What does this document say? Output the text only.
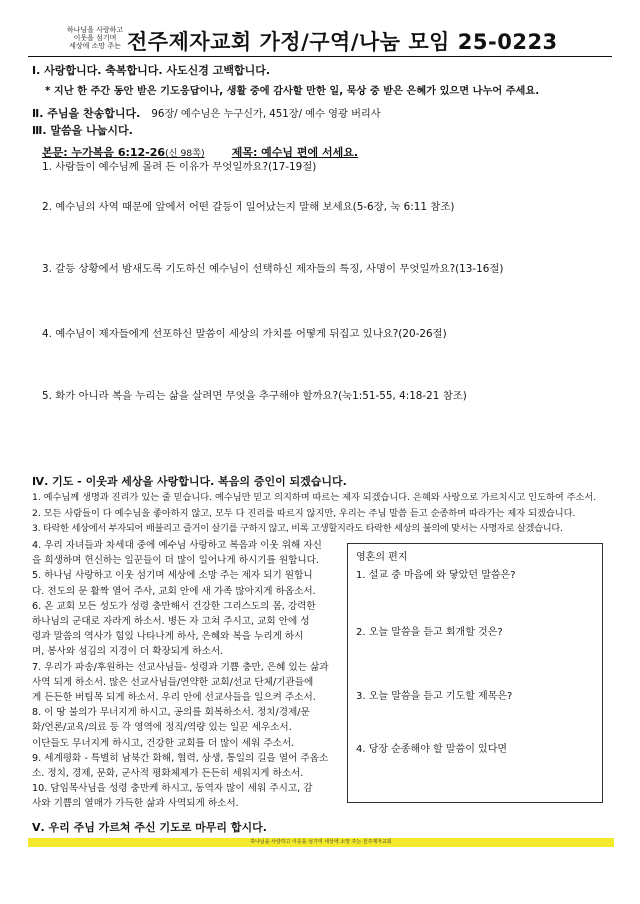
하나님을 사랑하고
이웃을 섬기며
세상에 소망 주는 전주제자교회 가정/구역/나눔 모임 25-0223
Ⅰ. 사랑합니다. 축복합니다. 사도신경 고백합니다.
* 지난 한 주간 동안 받은 기도응답이나, 생활 중에 감사할 만한 일, 묵상 중 받은 은혜가 있으면 나누어 주세요.
Ⅱ. 주님을 찬송합니다. 96장/ 예수님은 누구신가, 451장/ 예수 영광 버리사
Ⅲ. 말씀을 나눕시다.
본문: 누가복음 6:12-26(신 98쪽) 제목: 예수님 편에 서세요.
1. 사람들이 예수님께 몰려 든 이유가 무엇일까요?(17-19절)
2. 예수님의 사역 때문에 앞에서 어떤 갈등이 일어났는지 말해 보세요(5-6장, 눅 6:11 참조)
3. 갈등 상황에서 밤새도록 기도하신 예수님이 선택하신 제자들의 특징, 사명이 무엇일까요?(13-16절)
4. 예수님이 제자들에게 선포하신 말씀이 세상의 가치를 어떻게 뒤집고 있나요?(20-26절)
5. 화가 아니라 복을 누리는 삶을 살려면 무엇을 추구해야 할까요?(눅1:51-55, 4:18-21 참조)
Ⅳ. 기도 - 이웃과 세상을 사랑합니다. 복음의 증인이 되겠습니다.
1. 예수님께 생명과 진리가 있는 줄 믿습니다. 예수님만 믿고 의지하며 따르는 제자 되겠습니다. 은혜와 사랑으로 가르치시고 인도하여 주소서.
2. 모든 사람들이 다 예수님을 좋아하지 않고, 모두 다 진리를 따르지 않지만, 우리는 주님 말씀 듣고 순종하며 따라가는 제자 되겠습니다.
3. 타락한 세상에서 부자되어 배불리고 즐거이 살기를 구하지 않고, 비록 고생할지라도 타락한 세상의 불의에 맞서는 사명자로 살겠습니다.
4. 우리 자녀들과 차세대 중에 예수님 사랑하고 복음과 이웃 위해 자신
을 희생하며 헌신하는 일꾼들이 더 많이 일어나게 하시기를 원합니다.
5. 하나님 사랑하고 이웃 섬기며 세상에 소망 주는 제자 되기 원합니
다. 전도의 문 활짝 열어 주사, 교회 안에 새 가족 많아지게 하옵소서.
6. 온 교회 모든 성도가 성령 충만해서 건강한 그리스도의 몸, 강력한
하나님의 군대로 자라게 하소서. 병든 자 고쳐 주시고, 교회 안에 성
령과 말씀의 역사가 힘있 나타나게 하사, 은혜와 복을 누리게 하시
며, 봉사와 섬김의 지경이 더 확장되게 하소서.
7. 우리가 파송/후원하는 선교사님들- 성령과 기쁨 충만, 은혜 있는 삶과
사역 되게 하소서. 많은 선교사님들/연약한 교회/선교 단체/기관들에
게 든든한 버팀목 되게 하소서. 우리 안에 선교사들을 일으켜 주소서.
8. 이 땅 불의가 무너지게 하시고, 공의를 회복하소서. 정치/경제/문
화/언론/교육/의료 등 각 영역에 정직/역량 있는 일꾼 세우소서.
이단들도 무너지게 하시고, 건강한 교회를 더 많이 세워 주소서.
9. 세계평화 - 특별히 남북간 화해, 협력, 상생, 통일의 길을 열어 주옵소
소. 정치, 경제, 문화, 군사적 평화체제가 든든히 세워지게 하소서.
10. 담임목사님을 성령 충만케 하시고, 동역자 많이 세워 주시고, 감
사와 기쁨의 열매가 가득한 삶과 사역되게 하소서.
영혼의 편지
1. 설교 중 마음에 와 닿았던 말씀은?
2. 오늘 말씀을 듣고 회개할 것은?
3. 오늘 말씀을 듣고 기도할 제목은?
4. 당장 순종해야 할 말씀이 있다면
Ⅴ. 우리 주님 가르쳐 주신 기도로 마무리 합시다.
하나님을 사랑하고 이웃을 섬기며 세상에 소망 주는 전주제자교회
